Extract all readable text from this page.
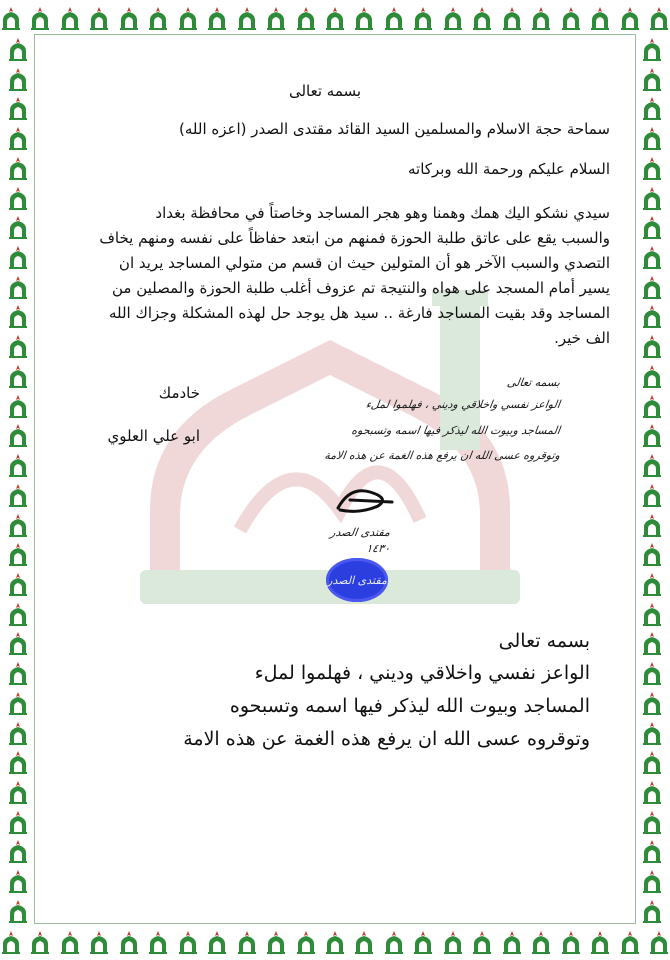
بسمه تعالى
سماحة حجة الاسلام والمسلمين السيد القائد مقتدى الصدر (اعزه الله)
السلام عليكم ورحمة الله وبركاته
سيدي نشكو اليك همك وهمنا وهو هجر المساجد وخاصتاً في محافظة بغداد
والسبب يقع على عاتق طلبة الحوزة فمنهم من ابتعد حفاظاً على نفسه ومنهم يخاف
التصدي والسبب الآخر هو أن المتولين حيث ان قسم من متولي المساجد يريد ان
يسير أمام المسجد على هواه والنتيجة تم عزوف أغلب طلبة الحوزة والمصلين من
المساجد وقد بقيت المساجد فارغة .. سيد هل يوجد حل لهذه المشكلة وجزاك الله
الف خير.
خادمك
ابو علي العلوي
بسمه تعالى
الواعز نفسي واخلاقي وديني ، فهلموا لملء
المساجد وبيوت الله ليذكر فيها اسمه وتسبحوه
وتوقروه عسى الله ان يرفع هذه الغمة عن هذه الامة
مقتدى الصدر
١٤٣٠
مقتدى الصدر
بسمه تعالى
الواعز نفسي واخلاقي وديني ، فهلموا لملء
المساجد وبيوت الله ليذكر فيها اسمه وتسبحوه
وتوقروه عسى الله ان يرفع هذه الغمة عن هذه الامة
